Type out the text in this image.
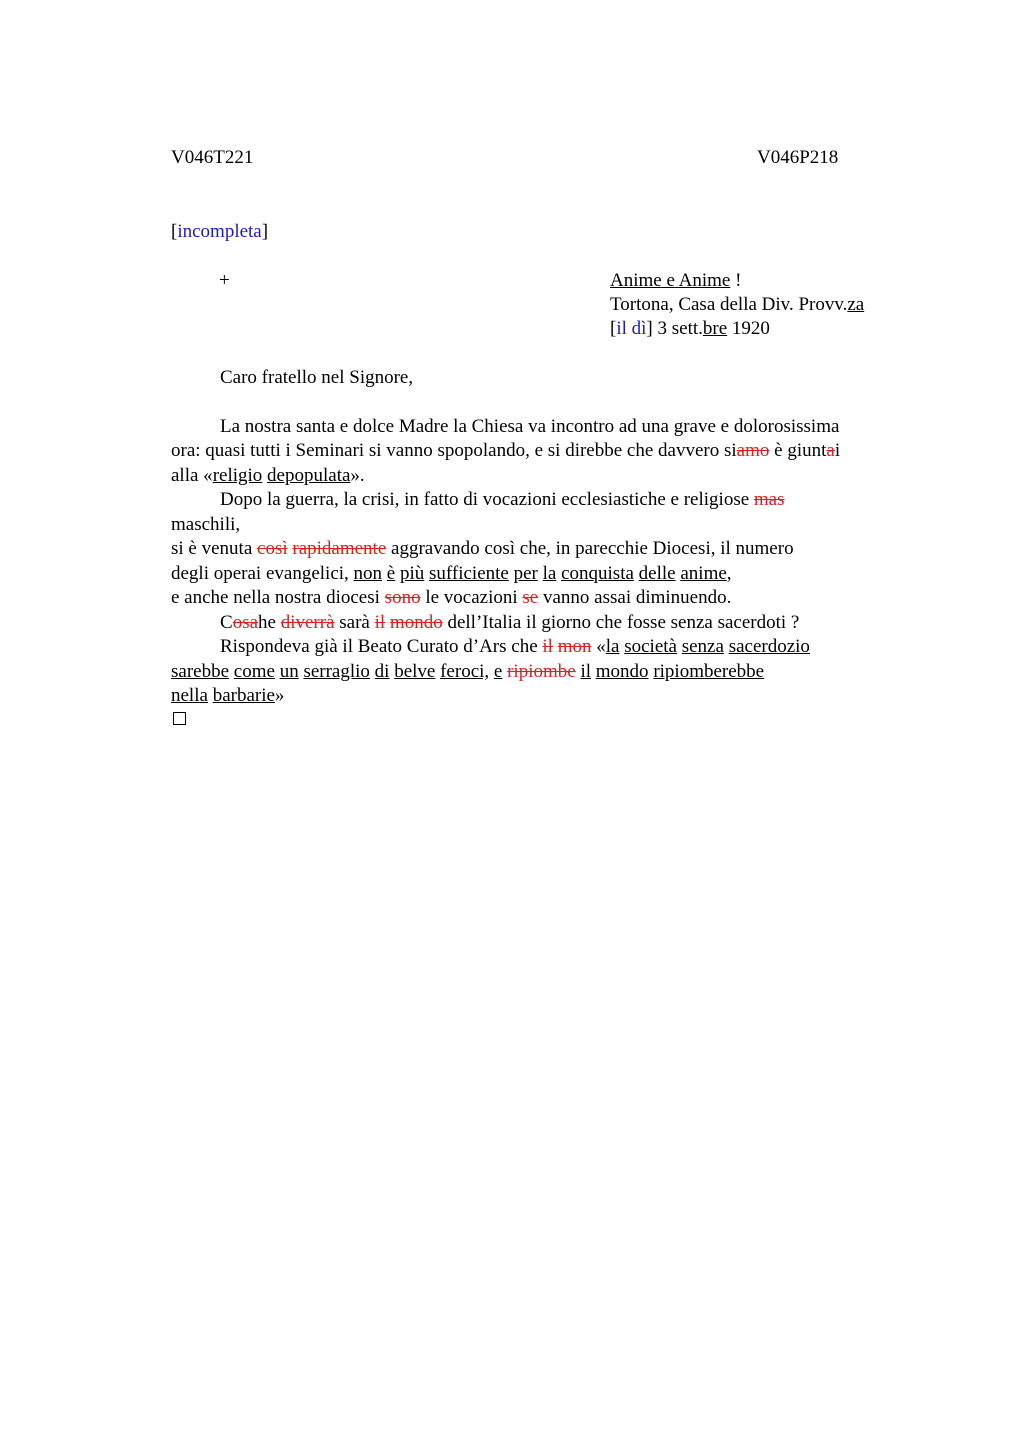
V046T221	V046P218
[incompleta]
+	Anime e Anime !
Tortona, Casa della Div. Provv.za
[il dì] 3 sett.bre 1920
Caro fratello nel Signore,
La nostra santa e dolce Madre la Chiesa va incontro ad una grave e dolorosissima
ora: quasi tutti i Seminari si vanno spopolando, e si direbbe che davvero siamo è giuntai
alla «religio depopulata».
Dopo la guerra, la crisi, in fatto di vocazioni ecclesiastiche e religiose mas
maschili,
si è venuta così rapidamente aggravando così che, in parecchie Diocesi, il numero
degli operai evangelici, non è più sufficiente per la conquista delle anime,
e anche nella nostra diocesi sono le vocazioni se vanno assai diminuendo.
Cosahe diverrà sarà il mondo dell’Italia il giorno che fosse senza sacerdoti ?
Rispondeva già il Beato Curato d’Ars che il mon «la società senza sacerdozio
sarebbe come un serraglio di belve feroci, e ripiombe il mondo ripiomberebbe
nella barbarie»
